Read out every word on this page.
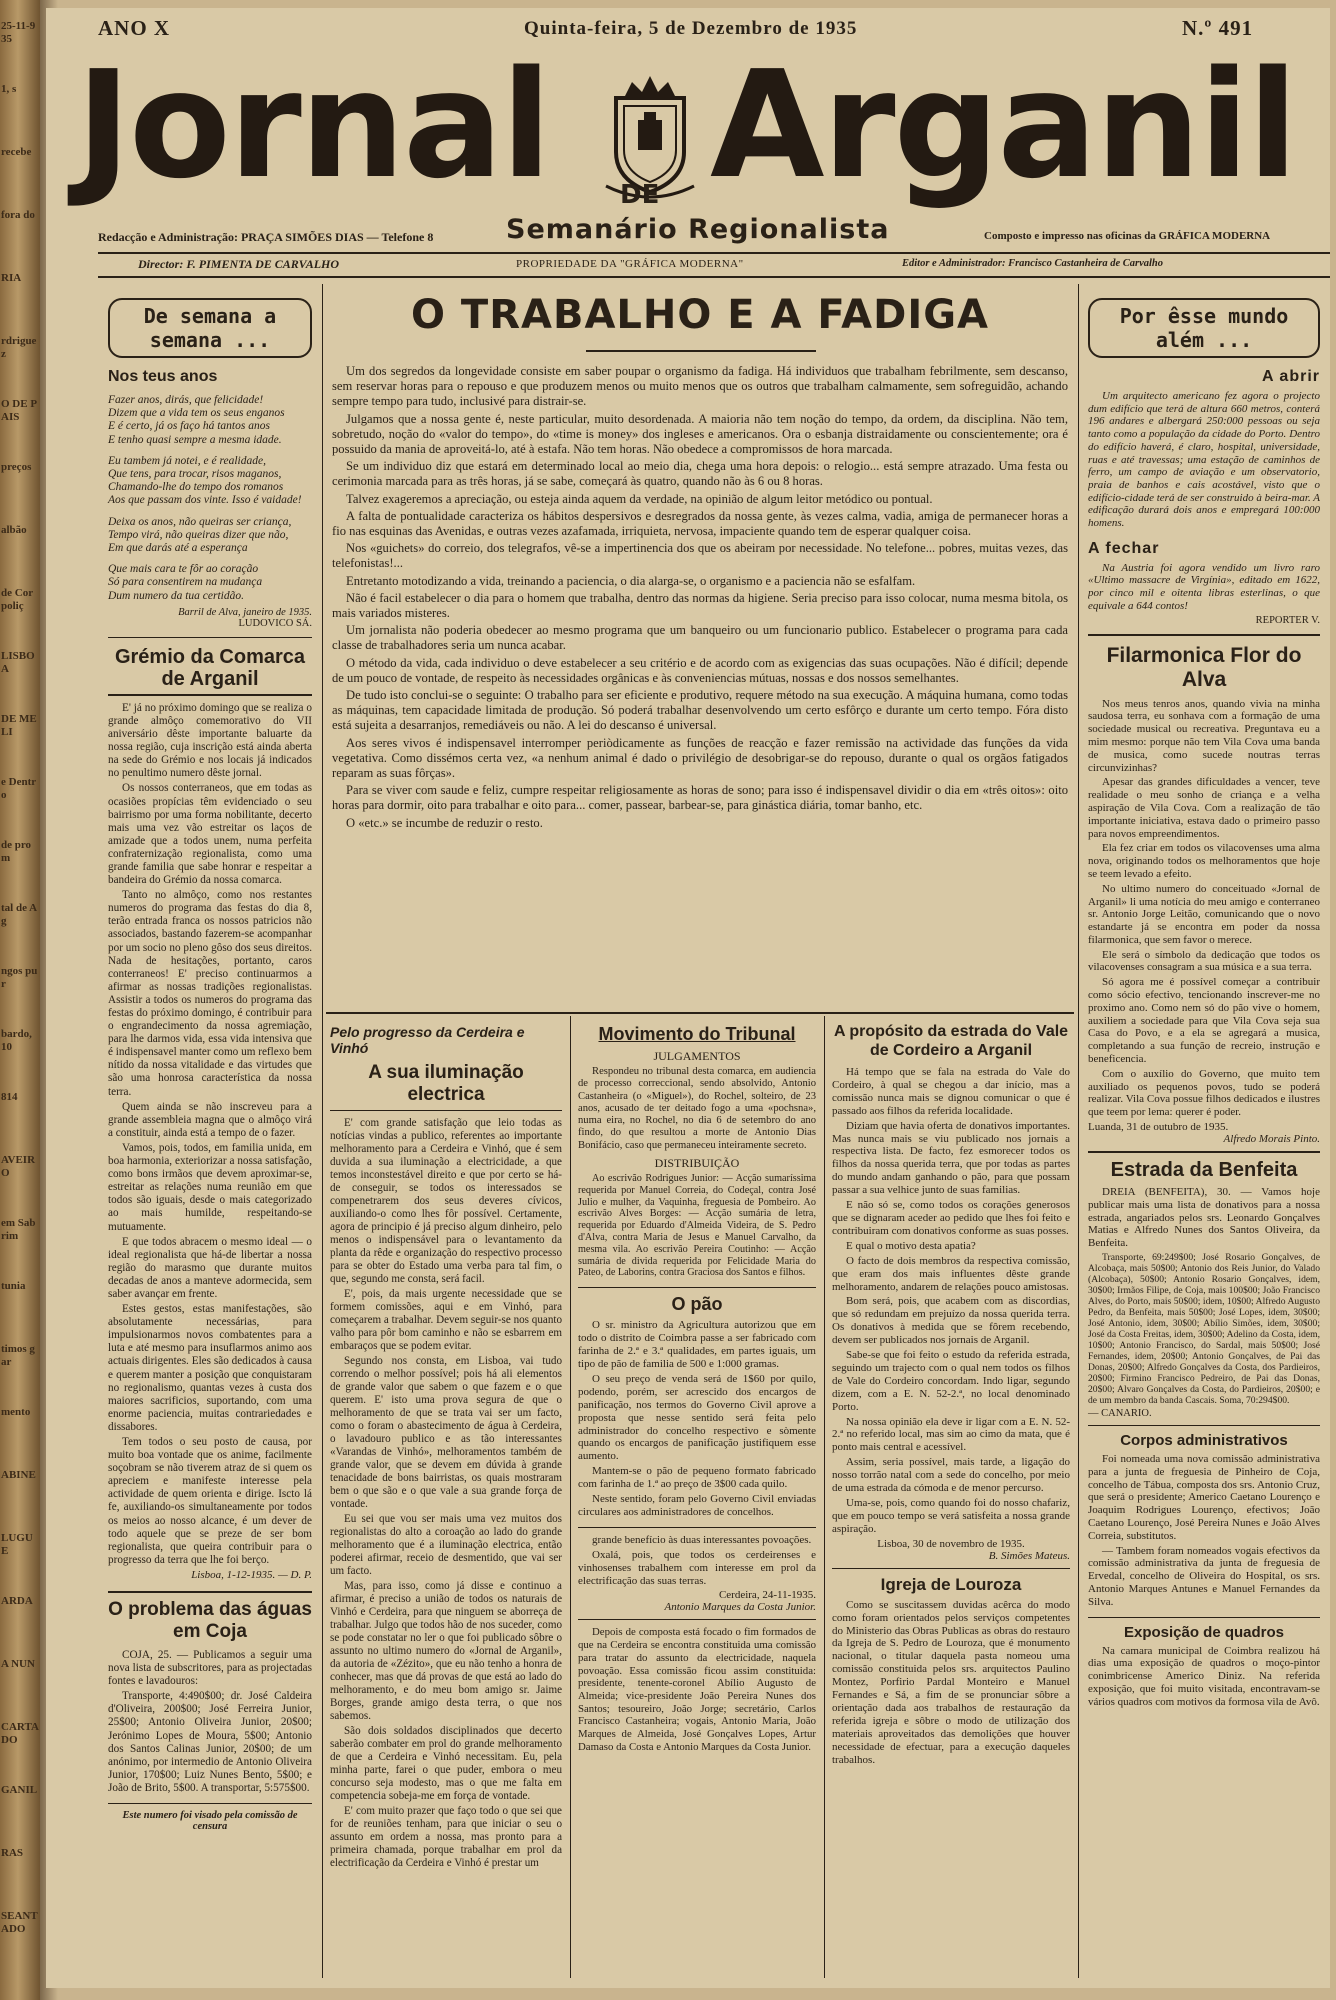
25-11-935
1, s
recebe
fora do
RIA
rdriguez
O DE PAIS
preços
albão
de Corpoliç
LISBOA
DE MELI
e Dentro
de prom
tal de Ag
ngos pur
bardo, 10
814
AVEIRO
em Sabrim
tunia
timos gar
mento
ABINE
LUGUE
ARDA
A NUN
CARTADO
GANIL
RAS
SEANTADO
ANO X	Quinta-feira, 5 de Dezembro de 1935	N.º 491
Jornal Arganil
DE
Semanário Regionalista
Redacção e Administração: PRAÇA SIMÕES DIAS — Telefone 8	Composto e impresso nas oficinas da GRÁFICA MODERNA
Director: F. PIMENTA DE CARVALHO	PROPRIEDADE DA "GRÁFICA MODERNA"	Editor e Administrador: Francisco Castanheira de Carvalho
De semana a semana ...
Nos teus anos
Fazer anos, dirás, que felicidade!
Dizem que a vida tem os seus enganos
E é certo, já os faço há tantos anos
E tenho quasi sempre a mesma idade.
Eu tambem já notei, e é realidade,
Que tens, para trocar, risos maganos,
Chamando-lhe do tempo dos romanos
Aos que passam dos vinte. Isso é vaidade!
Deixa os anos, não queiras ser criança,
Tempo virá, não queiras dizer que não,
Em que darás até a esperança
Que mais cara te fôr ao coração
Só para consentirem na mudança
Dum numero da tua certidão.
Barril de Alva, janeiro de 1935.
LUDOVICO SÁ.
Grémio da Comarca de Arganil

E' já no próximo domingo que se realiza o grande almôço comemorativo do VII aniversário dêste importante baluarte da nossa região, cuja inscrição está ainda aberta na sede do Grémio e nos locais já indicados no penultimo numero dêste jornal.

Os nossos conterraneos, que em todas as ocasiões propícias têm evidenciado o seu bairrismo por uma forma nobilitante, decerto mais uma vez vão estreitar os laços de amizade que a todos unem, numa perfeita confraternização regionalista, como uma grande familia que sabe honrar e respeitar a bandeira do Grémio da nossa comarca.

Tanto no almôço, como nos restantes numeros do programa das festas do dia 8, terão entrada franca os nossos patricios não associados, bastando fazerem-se acompanhar por um socio no pleno gôso dos seus direitos. Nada de hesitações, portanto, caros conterraneos! E' preciso continuarmos a afirmar as nossas tradições regionalistas. Assistir a todos os numeros do programa das festas do próximo domingo, é contribuir para o engrandecimento da nossa agremiação, para lhe darmos vida, essa vida intensiva que é indispensavel manter como um reflexo bem nítido da nossa vitalidade e das virtudes que são uma honrosa característica da nossa terra.

Quem ainda se não inscreveu para a grande assembleia magna que o almôço virá a constituir, ainda está a tempo de o fazer.

Vamos, pois, todos, em familia unida, em boa harmonia, exteriorizar a nossa satisfação, como bons irmãos que devem aproximar-se, estreitar as relações numa reunião em que todos são iguais, desde o mais categorizado ao mais humilde, respeitando-se mutuamente.

E que todos abracem o mesmo ideal — o ideal regionalista que há-de libertar a nossa região do marasmo que durante muitos decadas de anos a manteve adormecida, sem saber avançar em frente.

Estes gestos, estas manifestações, são absolutamente necessárias, para impulsionarmos novos combatentes para a luta e até mesmo para insuflarmos animo aos actuais dirigentes. Eles são dedicados à causa e querem manter a posição que conquistaram no regionalismo, quantas vezes à custa dos maiores sacrificios, suportando, com uma enorme paciencia, muitas contrariedades e dissabores.

Tem todos o seu posto de causa, por muito boa vontade que os anime, facilmente soçobram se não tiverem atraz de si quem os apreciem e manifeste interesse pela actividade de quem orienta e dirige. Iscto lá fe, auxiliando-os simultaneamente por todos os meios ao nosso alcance, é um dever de todo aquele que se preze de ser bom regionalista, que queira contribuir para o progresso da terra que lhe foi berço.

Lisboa, 1-12-1935. — D. P.
O problema das águas em Coja

COJA, 25. — Publicamos a seguir uma nova lista de subscritores, para as projectadas fontes e lavadouros:

Transporte, 4:490$00; dr. José Caldeira d'Oliveira, 200$00; José Ferreira Junior, 25$00; Antonio Oliveira Junior, 20$00; Jerónimo Lopes de Moura, 5$00; Antonio dos Santos Calinas Junior, 20$00; de um anónimo, por intermedio de Antonio Oliveira Junior, 170$00; Luiz Nunes Bento, 5$00; e João de Brito, 5$00. A transportar, 5:575$00.

Este numero foi visado pela comissão de censura
O TRABALHO E A FADIGA

Um dos segredos da longevidade consiste em saber poupar o organismo da fadiga. Há individuos que trabalham febrilmente, sem descanso, sem reservar horas para o repouso e que produzem menos ou muito menos que os outros que trabalham calmamente, sem sofreguidão, achando sempre tempo para tudo, inclusivé para distrair-se.

Julgamos que a nossa gente é, neste particular, muito desordenada. A maioria não tem noção do tempo, da ordem, da disciplina. Não tem, sobretudo, noção do «valor do tempo», do «time is money» dos ingleses e americanos. Ora o esbanja distraidamente ou conscientemente; ora é possuido da mania de aproveitá-lo, até à estafa. Não tem horas. Não obedece a compromissos de hora marcada.

Se um individuo diz que estará em determinado local ao meio dia, chega uma hora depois: o relogio... está sempre atrazado. Uma festa ou cerimonia marcada para as três horas, já se sabe, começará às quatro, quando não às 6 ou 8 horas.

Talvez exageremos a apreciação, ou esteja ainda aquem da verdade, na opinião de algum leitor metódico ou pontual.

A falta de pontualidade caracteriza os hábitos despersivos e desregrados da nossa gente, às vezes calma, vadia, amiga de permanecer horas a fio nas esquinas das Avenidas, e outras vezes azafamada, irriquieta, nervosa, impaciente quando tem de esperar qualquer coisa.

Nos «guichets» do correio, dos telegrafos, vê-se a impertinencia dos que os abeiram por necessidade. No telefone... pobres, muitas vezes, das telefonistas!...

Entretanto motodizando a vida, treinando a paciencia, o dia alarga-se, o organismo e a paciencia não se esfalfam.

Não é facil estabelecer o dia para o homem que trabalha, dentro das normas da higiene. Seria preciso para isso colocar, numa mesma bitola, os mais variados misteres.

Um jornalista não poderia obedecer ao mesmo programa que um banqueiro ou um funcionario publico. Estabelecer o programa para cada classe de trabalhadores seria um nunca acabar.

O método da vida, cada individuo o deve estabelecer a seu critério e de acordo com as exigencias das suas ocupações. Não é difícil; depende de um pouco de vontade, de respeito às necessidades orgânicas e às conveniencias mútuas, nossas e dos nossos semelhantes.

De tudo isto conclui-se o seguinte: O trabalho para ser eficiente e produtivo, requere método na sua execução. A máquina humana, como todas as máquinas, tem capacidade limitada de produção. Só poderá trabalhar desenvolvendo um certo esfôrço e durante um certo tempo. Fóra disto está sujeita a desarranjos, remediáveis ou não. A lei do descanso é universal.

Aos seres vivos é indispensavel interromper periòdicamente as funções de reacção e fazer remissão na actividade das funções da vida vegetativa. Como dissémos certa vez, «a nenhum animal é dado o privilégio de desobrigar-se do repouso, durante o qual os orgãos fatigados reparam as suas fôrças».

Para se viver com saude e feliz, cumpre respeitar religiosamente as horas de sono; para isso é indispensavel dividir o dia em «três oitos»: oito horas para dormir, oito para trabalhar e oito para... comer, passear, barbear-se, para ginástica diária, tomar banho, etc.

O «etc.» se incumbe de reduzir o resto.

Pelo progresso da Cerdeira e Vinhó
A sua iluminação electrica

E' com grande satisfação que leio todas as notícias vindas a publico, referentes ao importante melhoramento para a Cerdeira e Vinhó, que é sem duvida a sua iluminação a electricidade, a que temos inconstestável direito e que por certo se há-de conseguir, se todos os interessados se compenetrarem dos seus deveres cívicos, auxiliando-o como lhes fôr possível. Certamente, agora de principio é já preciso algum dinheiro, pelo menos o indispensável para o levantamento da planta da rêde e organização do respectivo processo para se obter do Estado uma verba para tal fim, o que, segundo me consta, será facil.

E', pois, da mais urgente necessidade que se formem comissões, aqui e em Vinhó, para começarem a trabalhar. Devem seguir-se nos quanto valho para pôr bom caminho e não se esbarrem em embaraços que se podem evitar.

Segundo nos consta, em Lisboa, vai tudo correndo o melhor possível; pois há ali elementos de grande valor que sabem o que fazem e o que querem. E' isto uma prova segura de que o melhoramento de que se trata vai ser um facto, como o foram o abastecimento de água à Cerdeira, o lavadouro publico e as tão interessantes «Varandas de Vinhó», melhoramentos também de grande valor, que se devem em dúvida à grande tenacidade de bons bairristas, os quais mostraram bem o que são e o que vale a sua grande força de vontade.

Eu sei que vou ser mais uma vez muitos dos regionalistas do alto a coroação ao lado do grande melhoramento que é a iluminação electrica, então poderei afirmar, receio de desmentido, que vai ser um facto.

Mas, para isso, como já disse e continuo a afirmar, é preciso a união de todos os naturais de Vinhó e Cerdeira, para que ninguem se aborreça de trabalhar. Julgo que todos hão de nos suceder, como se pode constatar no ler o que foi publicado sôbre o assunto no ultimo numero do «Jornal de Arganil», da autoria de «Zézito», que eu não tenho a honra de conhecer, mas que dá provas de que está ao lado do melhoramento, e do meu bom amigo sr. Jaime Borges, grande amigo desta terra, o que nos sabemos.

São dois soldados disciplinados que decerto saberão combater em prol do grande melhoramento de que a Cerdeira e Vinhó necessitam. Eu, pela minha parte, farei o que puder, embora o meu concurso seja modesto, mas o que me falta em competencia sobeja-me em força de vontade.

E' com muito prazer que faço todo o que sei que for de reuniões tenham, para que iniciar o seu o assunto em ordem a nossa, mas pronto para a primeira chamada, porque trabalhar em prol da electrificação da Cerdeira e Vinhó é prestar um

Movimento do Tribunal
JULGAMENTOS

Respondeu no tribunal desta comarca, em audiencia de processo correccional, sendo absolvido, Antonio Castanheira (o «Miguel»), do Rochel, solteiro, de 23 anos, acusado de ter deitado fogo a uma «pochsna», numa eira, no Rochel, no dia 6 de setembro do ano findo, do que resultou a morte de Antonio Dias Bonifácio, caso que permaneceu inteiramente secreto.

DISTRIBUIÇÃO

Ao escrivão Rodrigues Junior: — Acção sumaríssima requerida por Manuel Correia, do Codeçal, contra José Julio e mulher, da Vaquinha, freguesia de Pombeiro. Ao escrivão Alves Borges: — Acção sumária de letra, requerida por Eduardo d'Almeida Videira, de S. Pedro d'Alva, contra Maria de Jesus e Manuel Carvalho, da mesma vila. Ao escrivão Pereira Coutinho: — Acção sumária de divida requerida por Felicidade Maria do Pateo, de Laborins, contra Graciosa dos Santos e filhos.

O pão

O sr. ministro da Agricultura autorizou que em todo o distrito de Coimbra passe a ser fabricado com farinha de 2.ª e 3.ª qualidades, em partes iguais, um tipo de pão de familia de 500 e 1:000 gramas.

O seu preço de venda será de 1$60 por quilo, podendo, porém, ser acrescido dos encargos de panificação, nos termos do Governo Civil aprove a proposta que nesse sentido será feita pelo administrador do concelho respectivo e sòmente quando os encargos de panificação justifiquem esse aumento.

Mantem-se o pão de pequeno formato fabricado com farinha de 1.ª ao preço de 3$00 cada quilo.

Neste sentido, foram pelo Governo Civil enviadas circulares aos administradores de concelhos.

grande benefício às duas interessantes povoações.

Oxalá, pois, que todos os cerdeirenses e vinhosenses trabalhem com interesse em prol da electrificação das suas terras.

Cerdeira, 24-11-1935.
Antonio Marques da Costa Junior.

Depois de composta está focado o fim formados de que na Cerdeira se encontra constituida uma comissão para tratar do assunto da electricidade, naquela povoação. Essa comissão ficou assim constituida: presidente, tenente-coronel Abílio Augusto de Almeida; vice-presidente João Pereira Nunes dos Santos; tesoureiro, João Jorge; secretário, Carlos Francisco Castanheira; vogais, Antonio Maria, João Marques de Almeida, José Gonçalves Lopes, Artur Damaso da Costa e Antonio Marques da Costa Junior.

A propósito da estrada do Vale de Cordeiro a Arganil

Há tempo que se fala na estrada do Vale do Cordeiro, à qual se chegou a dar início, mas a comissão nunca mais se dignou comunicar o que é passado aos filhos da referida localidade.

Diziam que havia oferta de donativos importantes. Mas nunca mais se viu publicado nos jornais a respectiva lista. De facto, fez esmorecer todos os filhos da nossa querida terra, que por todas as partes do mundo andam ganhando o pão, para que possam passar a sua velhice junto de suas familias.

E não só se, como todos os corações generosos que se dignaram aceder ao pedido que lhes foi feito e contribuiram com donativos conforme as suas posses.

E qual o motivo desta apatia?

O facto de dois membros da respectiva comissão, que eram dos mais influentes dêste grande melhoramento, andarem de relações pouco amistosas.

Bom será, pois, que acabem com as discordias, que só redundam em prejuízo da nossa querida terra. Os donativos à medida que se fôrem recebendo, devem ser publicados nos jornais de Arganil.

Sabe-se que foi feito o estudo da referida estrada, seguindo um trajecto com o qual nem todos os filhos de Vale do Cordeiro concordam. Indo ligar, segundo dizem, com a E. N. 52-2.ª, no local denominado Porto.

Na nossa opinião ela deve ir ligar com a E. N. 52-2.ª no referido local, mas sim ao cimo da mata, que é ponto mais central e acessível.

Assim, seria possível, mais tarde, a ligação do nosso torrão natal com a sede do concelho, por meio de uma estrada da cómoda e de menor percurso.

Uma-se, pois, como quando foi do nosso chafariz, que em pouco tempo se verá satisfeita a nossa grande aspiração.

Lisboa, 30 de novembro de 1935.
B. Simões Mateus.
Igreja de Louroza

Como se suscitassem duvidas acêrca do modo como foram orientados pelos serviços competentes do Ministerio das Obras Publicas as obras do restauro da Igreja de S. Pedro de Louroza, que é monumento nacional, o titular daquela pasta nomeou uma comissão constituida pelos srs. arquitectos Paulino Montez, Porfirio Pardal Monteiro e Manuel Fernandes e Sá, a fim de se pronunciar sôbre a orientação dada aos trabalhos de restauração da referida igreja e sôbre o modo de utilização dos materiais aproveitados das demolições que houver necessidade de efectuar, para a execução daqueles trabalhos.

Por êsse mundo além ...
A abrir

Um arquitecto americano fez agora o projecto dum edifício que terá de altura 660 metros, conterá 196 andares e albergará 250:000 pessoas ou seja tanto como a população da cidade do Porto. Dentro do edifício haverá, é claro, hospital, universidade, ruas e até travessas; uma estação de caminhos de ferro, um campo de aviação e um observatorio, praia de banhos e cais acostável, visto que o edifício-cidade terá de ser construido à beira-mar. A edificação durará dois anos e empregará 100:000 homens.

A fechar

Na Austria foi agora vendido um livro raro «Ultimo massacre de Virgínia», editado em 1622, por cinco mil e oitenta libras esterlinas, o que equivale a 644 contos!

REPORTER V.
Filarmonica Flor do Alva

Nos meus tenros anos, quando vivia na minha saudosa terra, eu sonhava com a formação de uma sociedade musical ou recreativa. Preguntava eu a mim mesmo: porque não tem Vila Cova uma banda de musica, como sucede noutras terras circunvizinhas?

Apesar das grandes dificuldades a vencer, teve realidade o meu sonho de criança e a velha aspiração de Vila Cova. Com a realização de tão importante iniciativa, estava dado o primeiro passo para novos empreendimentos.

Ela fez criar em todos os vilacovenses uma alma nova, originando todos os melhoramentos que hoje se teem levado a efeito.

No ultimo numero do conceituado «Jornal de Arganil» li uma notícia do meu amigo e conterraneo sr. Antonio Jorge Leitão, comunicando que o novo estandarte já se encontra em poder da nossa filarmonica, que sem favor o merece.

Ele será o símbolo da dedicação que todos os vilacovenses consagram a sua música e a sua terra.

Só agora me é possível começar a contribuir como sócio efectivo, tencionando inscrever-me no proximo ano. Como nem só do pão vive o homem, auxiliem a sociedade para que Vila Cova seja sua Casa do Povo, e a ela se agregará a musica, completando a sua função de recreio, instrução e beneficencia.

Com o auxílio do Governo, que muito tem auxiliado os pequenos povos, tudo se poderá realizar. Vila Cova possue filhos dedicados e ilustres que teem por lema: querer é poder.

Luanda, 31 de outubro de 1935.
Alfredo Morais Pinto.
Estrada da Benfeita

DREIA (BENFEITA), 30. — Vamos hoje publicar mais uma lista de donativos para a nossa estrada, angariados pelos srs. Leonardo Gonçalves Matias e Alfredo Nunes dos Santos Oliveira, da Benfeita.

Transporte, 69:249$00; José Rosario Gonçalves, de Alcobaça, mais 50$00; Antonio dos Reis Junior, do Valado (Alcobaça), 50$00; Antonio Rosario Gonçalves, idem, 30$00; Irmãos Filipe, de Coja, mais 100$00; João Francisco Alves, do Porto, mais 50$00; idem, 10$00; Alfredo Augusto Pedro, da Benfeita, mais 50$00; José Lopes, idem, 30$00; José Antonio, idem, 30$00; Abílio Simões, idem, 30$00; José da Costa Freitas, idem, 30$00; Adelino da Costa, idem, 10$00; Antonio Francisco, do Sardal, mais 50$00; José Fernandes, idem, 20$00; Antonio Gonçalves, de Pai das Donas, 20$00; Alfredo Gonçalves da Costa, dos Pardieiros, 20$00; Firmino Francisco Pedreiro, de Pai das Donas, 20$00; Alvaro Gonçalves da Costa, do Pardieiros, 20$00; e de um membro da banda Cascais. Soma, 70:294$00.

— CANARIO.
Corpos administrativos

Foi nomeada uma nova comissão administrativa para a junta de freguesia de Pinheiro de Coja, concelho de Tábua, composta dos srs. Antonio Cruz, que será o presidente; Americo Caetano Lourenço e Joaquim Rodrigues Lourenço, efectivos; João Caetano Lourenço, José Pereira Nunes e João Alves Correia, substitutos.

— Tambem foram nomeados vogais efectivos da comissão administrativa da junta de freguesia de Ervedal, concelho de Oliveira do Hospital, os srs. Antonio Marques Antunes e Manuel Fernandes da Silva.

Exposição de quadros

Na camara municipal de Coimbra realizou há dias uma exposição de quadros o moço-pintor conimbricense Americo Diniz. Na referida exposição, que foi muito visitada, encontravam-se vários quadros com motivos da formosa vila de Avô.
